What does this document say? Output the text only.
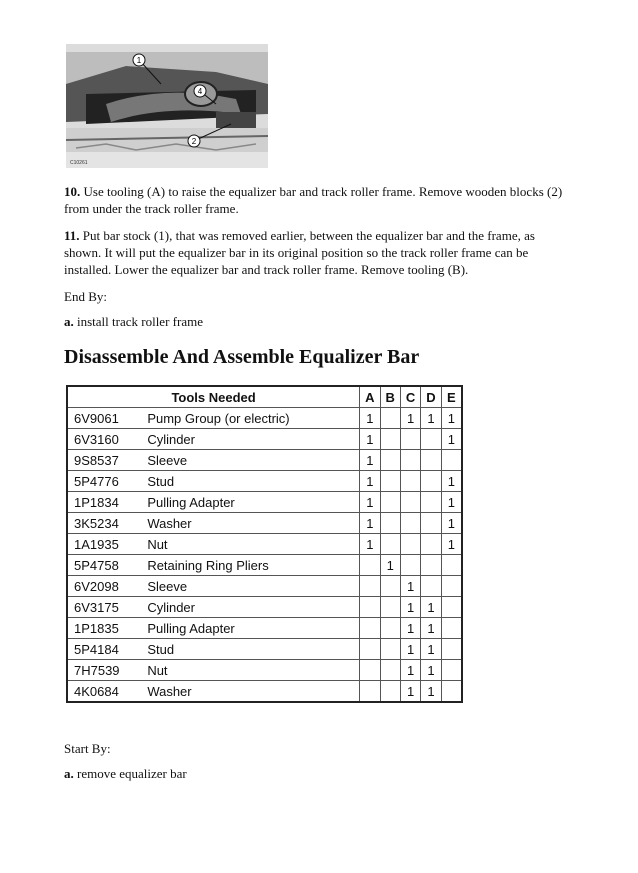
1
4
2
C10261

10. Use tooling (A) to raise the equalizer bar and track roller frame. Remove wooden blocks (2) from under the track roller frame.

11. Put bar stock (1), that was removed earlier, between the equalizer bar and the frame, as shown. It will put the equalizer bar in its original position so the track roller frame can be installed. Lower the equalizer bar and track roller frame. Remove tooling (B).

End By:

a. install track roller frame

Disassemble And Assemble Equalizer Bar
Tools Needed		A	B	C	D	E
6V9061	Pump Group (or electric)	1		1	1	1
6V3160	Cylinder	1				1
9S8537	Sleeve	1				
5P4776	Stud	1				1
1P1834	Pulling Adapter	1				1
3K5234	Washer	1				1
1A1935	Nut	1				1
5P4758	Retaining Ring Pliers		1			
6V2098	Sleeve			1		
6V3175	Cylinder			1	1	
1P1835	Pulling Adapter			1	1	
5P4184	Stud			1	1	
7H7539	Nut			1	1	
4K0684	Washer			1	1	

Start By:

a. remove equalizer bar
